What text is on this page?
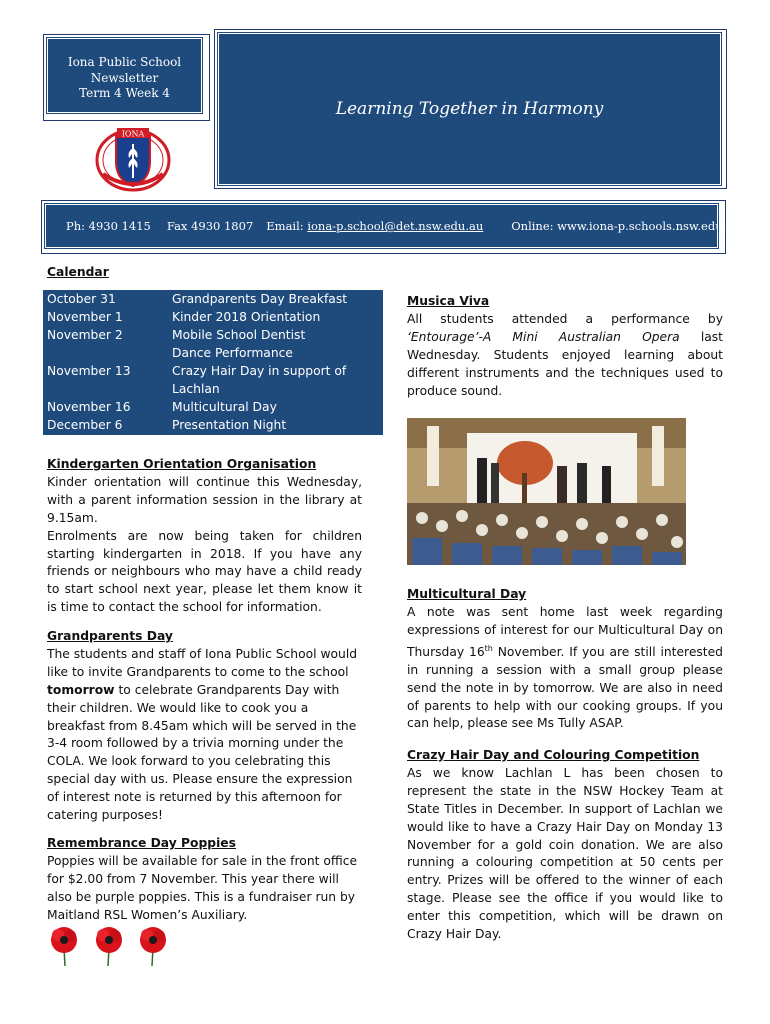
Iona Public School
Newsletter
Term 4 Week 4
IONA
Learning Together in Harmony
Ph: 4930 1415 Fax 4930 1807 Email: iona-p.school@det.nsw.edu.au Online: www.iona-p.schools.nsw.edu.au
Calendar
October 31	Grandparents Day Breakfast
November 1	Kinder 2018 Orientation
November 2	Mobile School Dentist
Dance Performance
November 13	Crazy Hair Day in support of
Lachlan
November 16	Multicultural Day
December 6	Presentation Night
Kindergarten Orientation Organisation

Kinder orientation will continue this Wednesday, with a parent information session in the library at 9.15am.

Enrolments are now being taken for children starting kindergarten in 2018. If you have any friends or neighbours who may have a child ready to start school next year, please let them know it is time to contact the school for information.

Grandparents Day

The students and staff of Iona Public School would like to invite Grandparents to come to the school tomorrow to celebrate Grandparents Day with their children. We would like to cook you a breakfast from 8.45am which will be served in the 3-4 room followed by a trivia morning under the COLA. We look forward to you celebrating this special day with us. Please ensure the expression of interest note is returned by this afternoon for catering purposes!

Remembrance Day Poppies

Poppies will be available for sale in the front office for $2.00 from 7 November. This year there will also be purple poppies. This is a fundraiser run by Maitland RSL Women’s Auxiliary.

Musica Viva

All students attended a performance by ‘Entourage’-A Mini Australian Opera last Wednesday. Students enjoyed learning about different instruments and the techniques used to produce sound.

Multicultural Day

A note was sent home last week regarding expressions of interest for our Multicultural Day on Thursday 16th November. If you are still interested in running a session with a small group please send the note in by tomorrow. We are also in need of parents to help with our cooking groups. If you can help, please see Ms Tully ASAP.

Crazy Hair Day and Colouring Competition

As we know Lachlan L has been chosen to represent the state in the NSW Hockey Team at State Titles in December. In support of Lachlan we would like to have a Crazy Hair Day on Monday 13 November for a gold coin donation. We are also running a colouring competition at 50 cents per entry. Prizes will be offered to the winner of each stage. Please see the office if you would like to enter this competition, which will be drawn on Crazy Hair Day.
